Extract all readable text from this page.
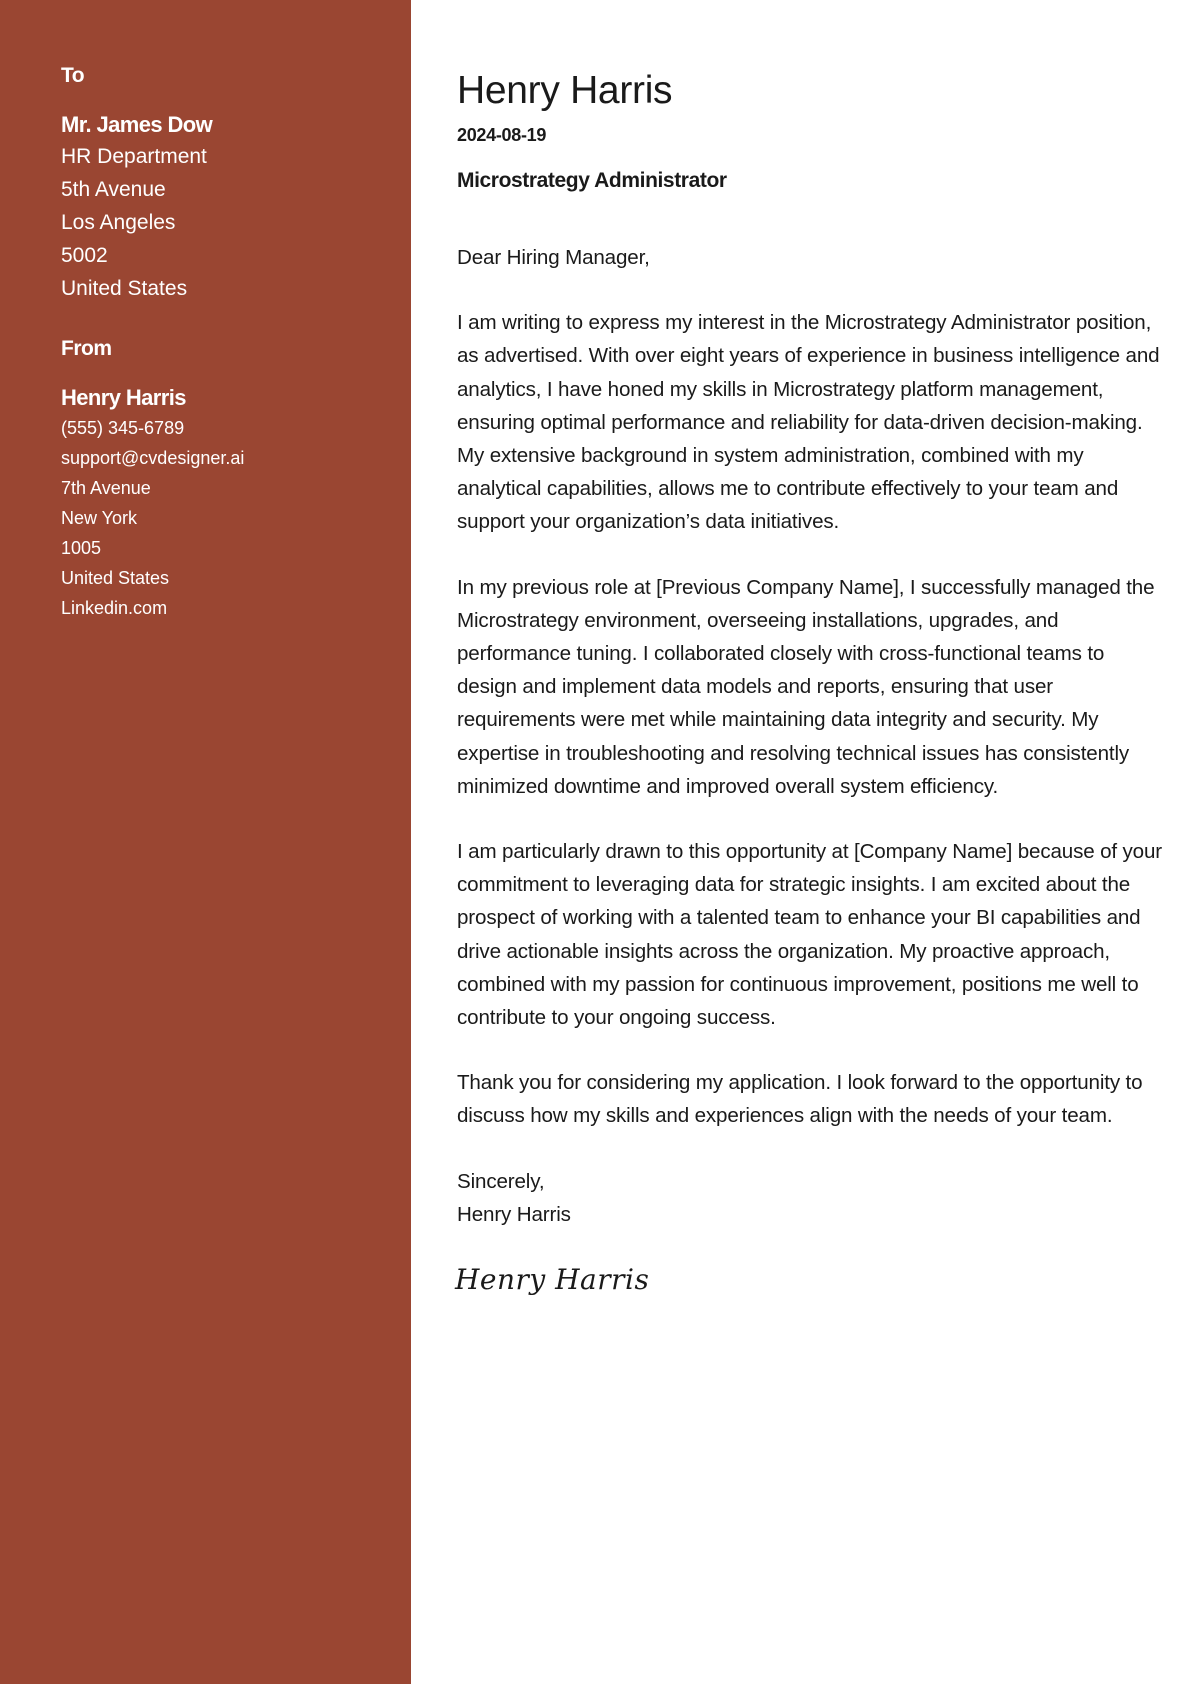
To
Mr. James Dow
HR Department
5th Avenue
Los Angeles
5002
United States
From
Henry Harris
(555) 345-6789
support@cvdesigner.ai
7th Avenue
New York
1005
United States
Linkedin.com
Henry Harris
2024-08-19
Microstrategy Administrator

Dear Hiring Manager,

I am writing to express my interest in the Microstrategy Administrator position, as advertised. With over eight years of experience in business intelligence and analytics, I have honed my skills in Microstrategy platform management, ensuring optimal performance and reliability for data-driven decision-making. My extensive background in system administration, combined with my analytical capabilities, allows me to contribute effectively to your team and support your organization’s data initiatives.

In my previous role at [Previous Company Name], I successfully managed the Microstrategy environment, overseeing installations, upgrades, and performance tuning. I collaborated closely with cross-functional teams to design and implement data models and reports, ensuring that user requirements were met while maintaining data integrity and security. My expertise in troubleshooting and resolving technical issues has consistently minimized downtime and improved overall system efficiency.

I am particularly drawn to this opportunity at [Company Name] because of your commitment to leveraging data for strategic insights. I am excited about the prospect of working with a talented team to enhance your BI capabilities and drive actionable insights across the organization. My proactive approach, combined with my passion for continuous improvement, positions me well to contribute to your ongoing success.

Thank you for considering my application. I look forward to the opportunity to discuss how my skills and experiences align with the needs of your team.

Sincerely,
Henry Harris
Henry Harris
